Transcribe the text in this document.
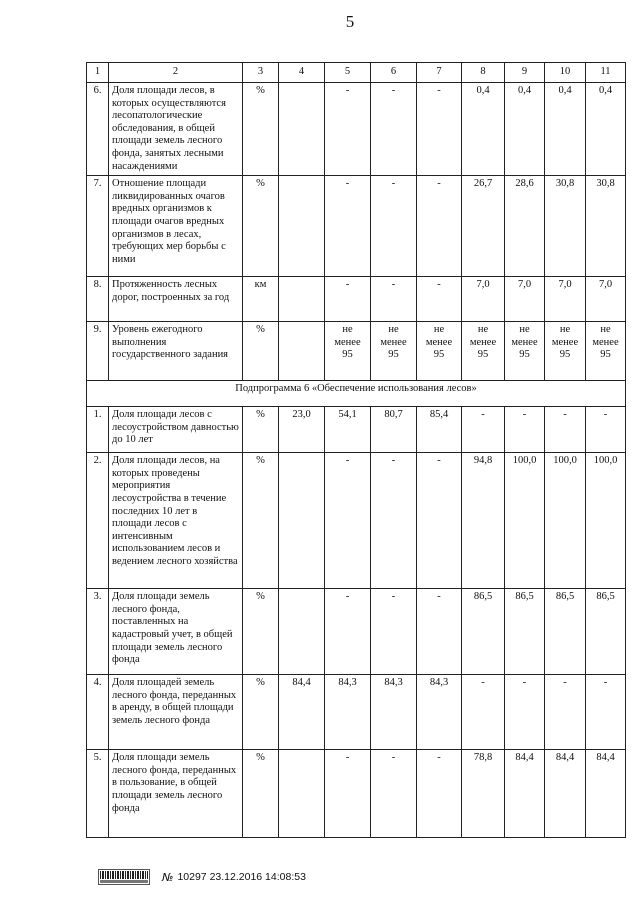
5
1	2	3	4	5	6	7	8	9	10	11
6.	Доля площади лесов, в которых осуществляются лесопатологические обследования, в общей площади земель лесного фонда, занятых лесными насаждениями	%		-	-	-	0,4	0,4	0,4	0,4
7.	Отношение площади ликвидированных очагов вредных организмов к площади очагов вредных организмов в лесах, требующих мер борьбы с ними	%		-	-	-	26,7	28,6	30,8	30,8
8.	Протяженность лесных дорог, построенных за год	км		-	-	-	7,0	7,0	7,0	7,0
9.	Уровень ежегодного выполнения государственного задания	%		не менее 95	не менее 95	не менее 95	не менее 95	не менее 95	не менее 95	не менее 95
Подпрограмма 6 «Обеспечение использования лесов»										
1.	Доля площади лесов с лесоустройством давностью до 10 лет	%	23,0	54,1	80,7	85,4	-	-	-	-
2.	Доля площади лесов, на которых проведены мероприятия лесоустройства в течение последних 10 лет в площади лесов с интенсивным использованием лесов и ведением лесного хозяйства	%		-	-	-	94,8	100,0	100,0	100,0
3.	Доля площади земель лесного фонда, поставленных на кадастровый учет, в общей площади земель лесного фонда	%		-	-	-	86,5	86,5	86,5	86,5
4.	Доля площадей земель лесного фонда, переданных в аренду, в общей площади земель лесного фонда	%	84,4	84,3	84,3	84,3	-	-	-	-
5.	Доля площади земель лесного фонда, переданных в пользование, в общей площади земель лесного фонда	%		-	-	-	78,8	84,4	84,4	84,4
№ 10297 23.12.2016 14:08:53
